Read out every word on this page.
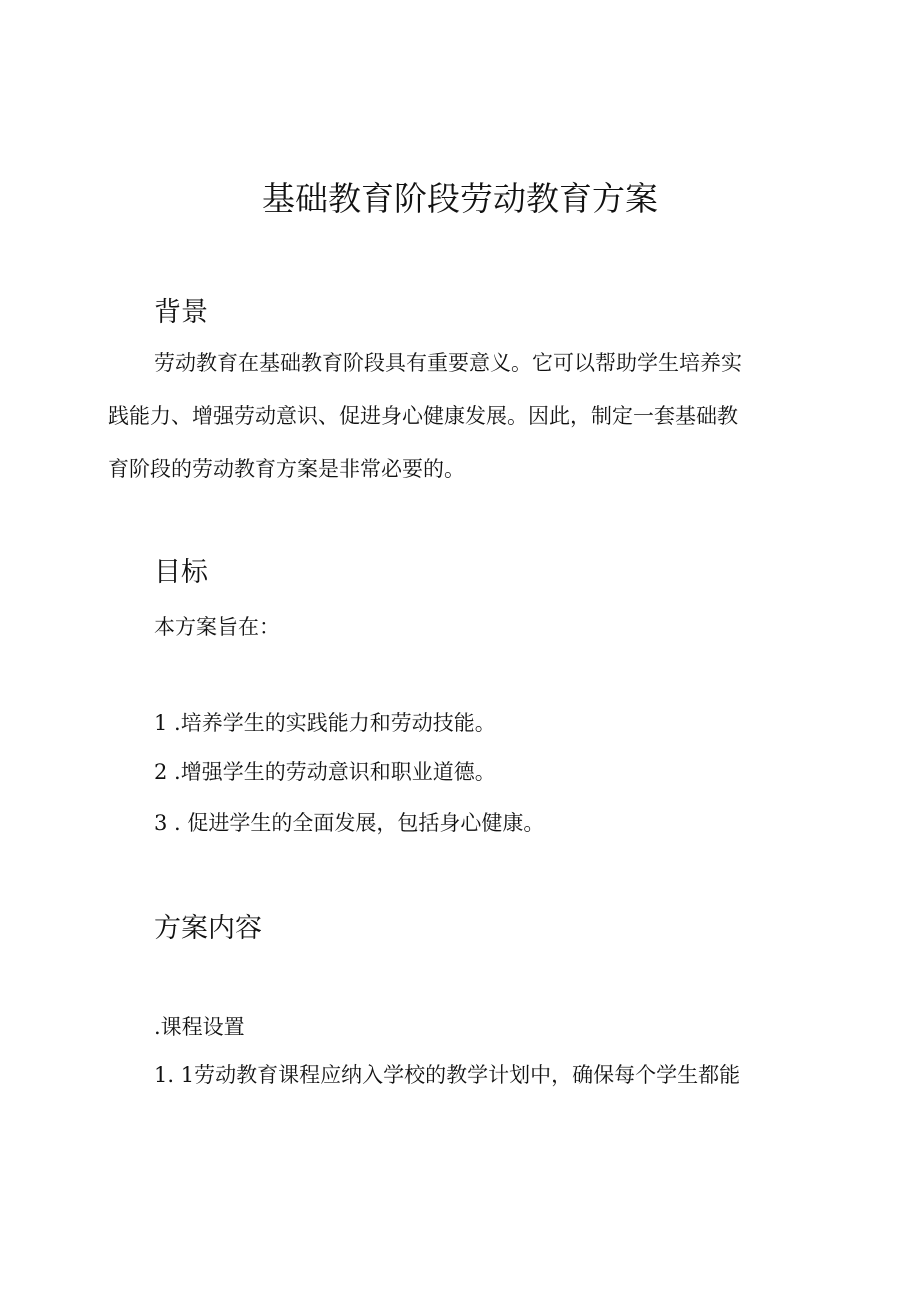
基础教育阶段劳动教育方案
背景
劳动教育在基础教育阶段具有重要意义。它可以帮助学生培养实
践能力、增强劳动意识、促进身心健康发展。因此，制定一套基础教
育阶段的劳动教育方案是非常必要的。
目标

本方案旨在：

1 .培养学生的实践能力和劳动技能。

2 .增强学生的劳动意识和职业道德。

3 . 促进学生的全面发展，包括身心健康。

方案内容

.课程设置

1. 1劳动教育课程应纳入学校的教学计划中，确保每个学生都能
